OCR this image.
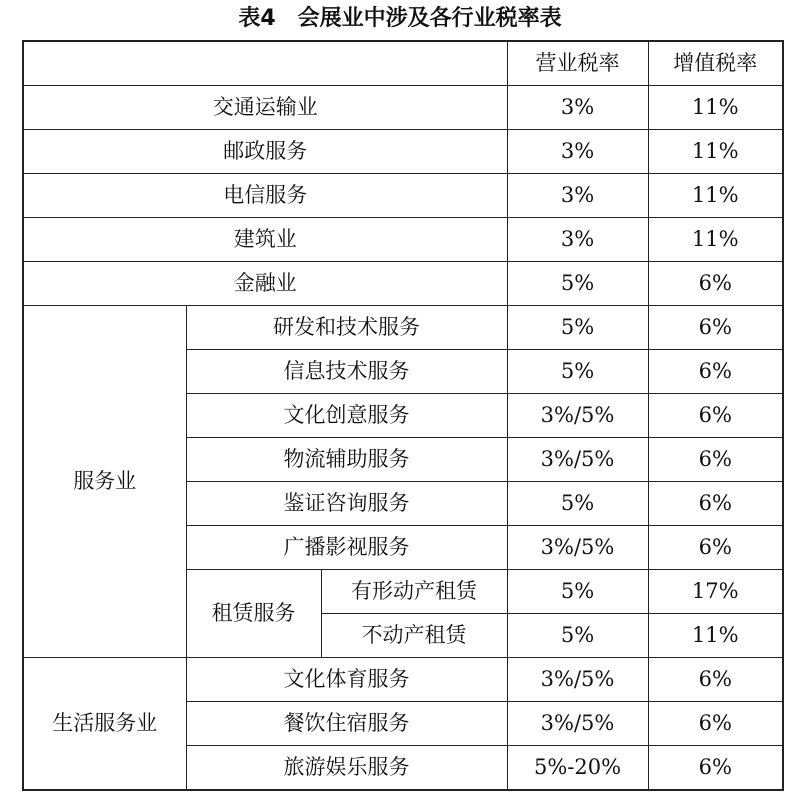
表4　会展业中涉及各行业税率表
			营业税率	增值税率
交通运输业			3%	11%
邮政服务			3%	11%
电信服务			3%	11%
建筑业			3%	11%
金融业			5%	6%
服务业	研发和技术服务		5%	6%
	信息技术服务		5%	6%
	文化创意服务		3%/5%	6%
	物流辅助服务		3%/5%	6%
	鉴证咨询服务		5%	6%
	广播影视服务		3%/5%	6%
	租赁服务	有形动产租赁	5%	17%
		不动产租赁	5%	11%
生活服务业	文化体育服务		3%/5%	6%
	餐饮住宿服务		3%/5%	6%
	旅游娱乐服务		5%-20%	6%
